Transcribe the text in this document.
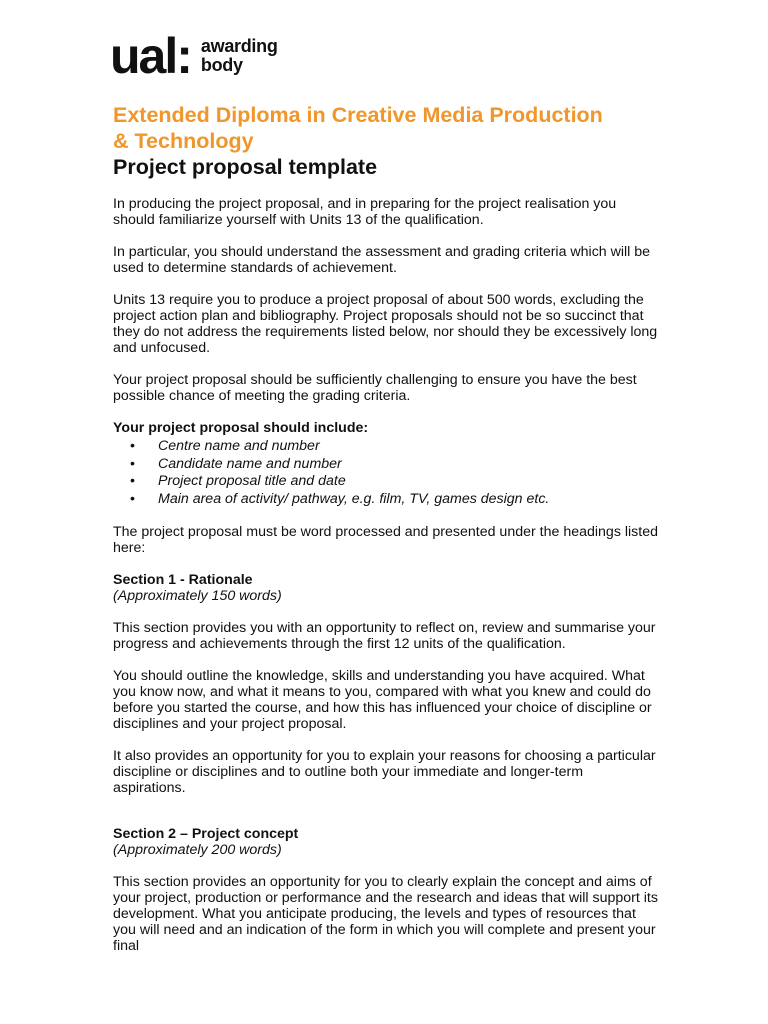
ual: awarding
body
Extended Diploma in Creative Media Production
& Technology
Project proposal template

In producing the project proposal, and in preparing for the project realisation you should familiarize yourself with Units 13 of the qualification.

In particular, you should understand the assessment and grading criteria which will be used to determine standards of achievement.

Units 13 require you to produce a project proposal of about 500 words, excluding the project action plan and bibliography. Project proposals should not be so succinct that they do not address the requirements listed below, nor should they be excessively long and unfocused.

Your project proposal should be sufficiently challenging to ensure you have the best possible chance of meeting the grading criteria.

Your project proposal should include:
• Centre name and number
• Candidate name and number
• Project proposal title and date
• Main area of activity/ pathway, e.g. film, TV, games design etc.

The project proposal must be word processed and presented under the headings listed here:

Section 1 - Rationale
(Approximately 150 words)

This section provides you with an opportunity to reflect on, review and summarise your progress and achievements through the first 12 units of the qualification.

You should outline the knowledge, skills and understanding you have acquired. What you know now, and what it means to you, compared with what you knew and could do before you started the course, and how this has influenced your choice of discipline or disciplines and your project proposal.

It also provides an opportunity for you to explain your reasons for choosing a particular discipline or disciplines and to outline both your immediate and longer-term aspirations.

Section 2 – Project concept
(Approximately 200 words)

This section provides an opportunity for you to clearly explain the concept and aims of your project, production or performance and the research and ideas that will support its development. What you anticipate producing, the levels and types of resources that you will need and an indication of the form in which you will complete and present your final
